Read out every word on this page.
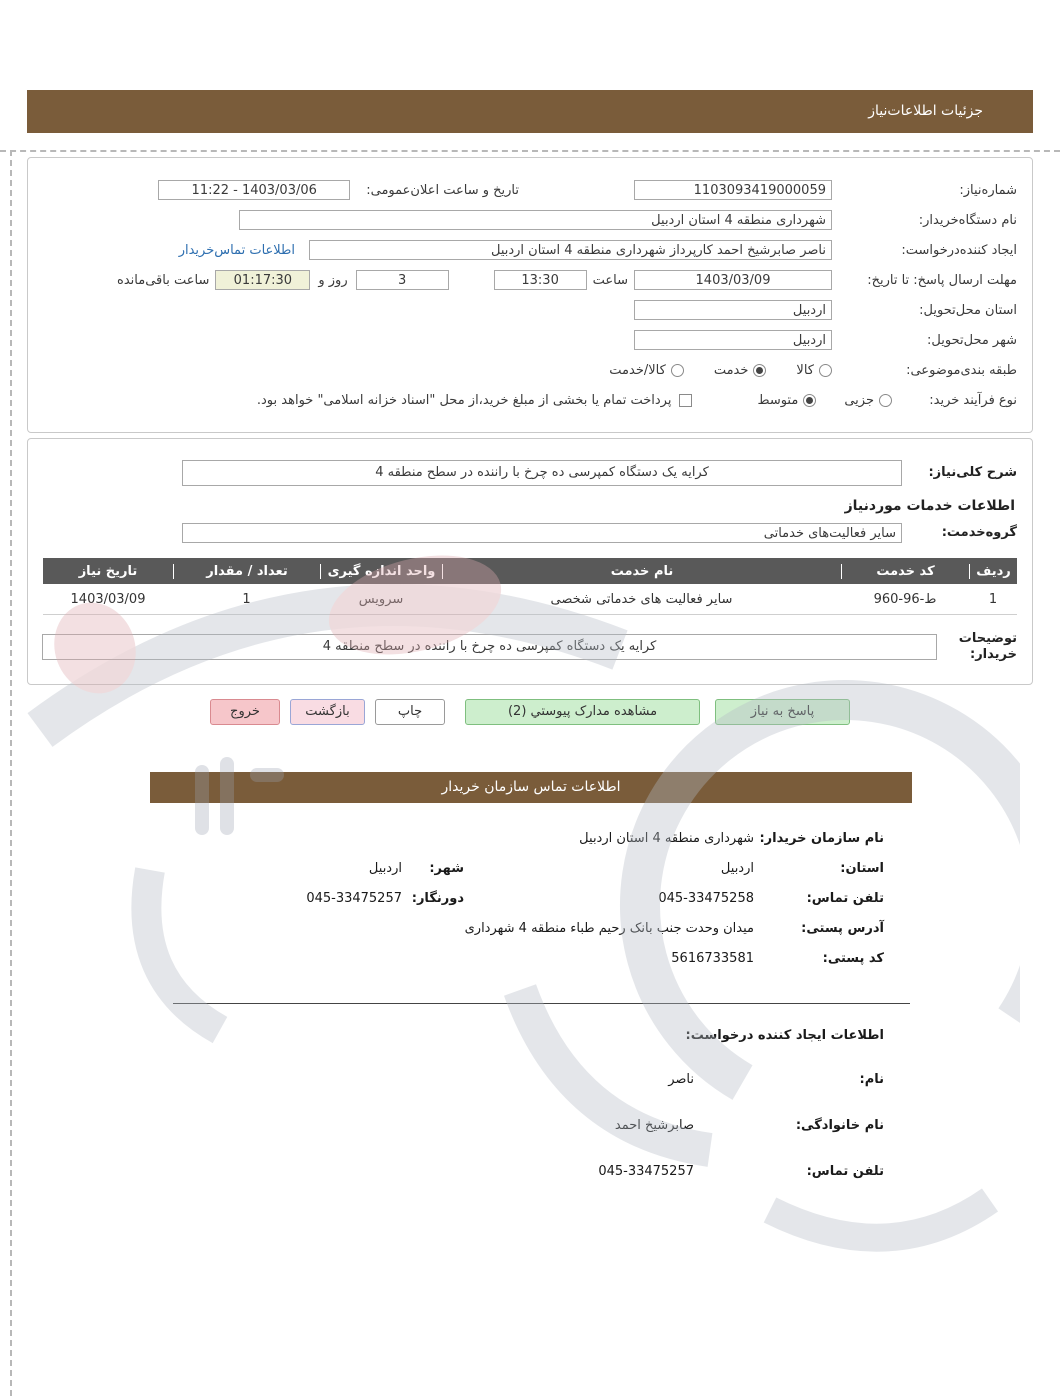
جزئیات اطلاعات‌نیاز
شماره‌نیاز:
1103093419000059
تاریخ و ساعت اعلان‌عمومی:
11:22 - 1403/03/06
نام دستگاه‌خریدار:
شهرداری منطقه 4 استان اردبیل
ایجاد کننده‌درخواست:
ناصر صابرشیخ احمد کارپرداز شهرداری منطقه 4 استان اردبیل
اطلاعات تماس‌خریدار
مهلت ارسال پاسخ: تا تاریخ:
1403/03/09
ساعت
13:30
3
روز و
01:17:30
ساعت باقی‌مانده
استان محل‌تحویل:
اردبیل
شهر محل‌تحویل:
اردبیل
طبقه بندی‌موضوعی:
کالا
خدمت
کالا/خدمت
نوع فرآیند خرید:
جزیی
متوسط
پرداخت تمام یا بخشی از مبلغ خرید،از محل "اسناد خزانه اسلامی" خواهد بود.
شرح کلی‌نیاز:
کرایه یک دستگاه کمپرسی ده چرخ با راننده در سطح منطقه 4
اطلاعات خدمات موردنیاز
گروه‌خدمت:
سایر فعالیت‌های خدماتی
ردیف
کد خدمت
نام خدمت
واحد اندازه گیری
تعداد / مقدار
تاریخ نیاز
1
ط-96-960
سایر فعالیت های خدماتی شخصی
سرویس
1
1403/03/09
توضیحات خریدار:
کرایه یک دستگاه کمپرسی ده چرخ با راننده در سطح منطقه 4
پاسخ به نیاز
مشاهده مدارک پیوستي (2)
چاپ
بازگشت
خروج
اطلاعات تماس سازمان خریدار
نام سازمان خریدار:
شهرداری منطقه 4 استان اردبیل
استان:
اردبیل
شهر:
اردبیل
تلفن تماس:
045-33475258
دورنگار:
045-33475257
آدرس پستی:
میدان وحدت جنب بانک رحیم طباء منطقه 4 شهرداری
کد پستی:
5616733581
اطلاعات ایجاد کننده درخواست:
نام:
ناصر
نام خانوادگی:
صابرشیخ احمد
تلفن تماس:
045-33475257
